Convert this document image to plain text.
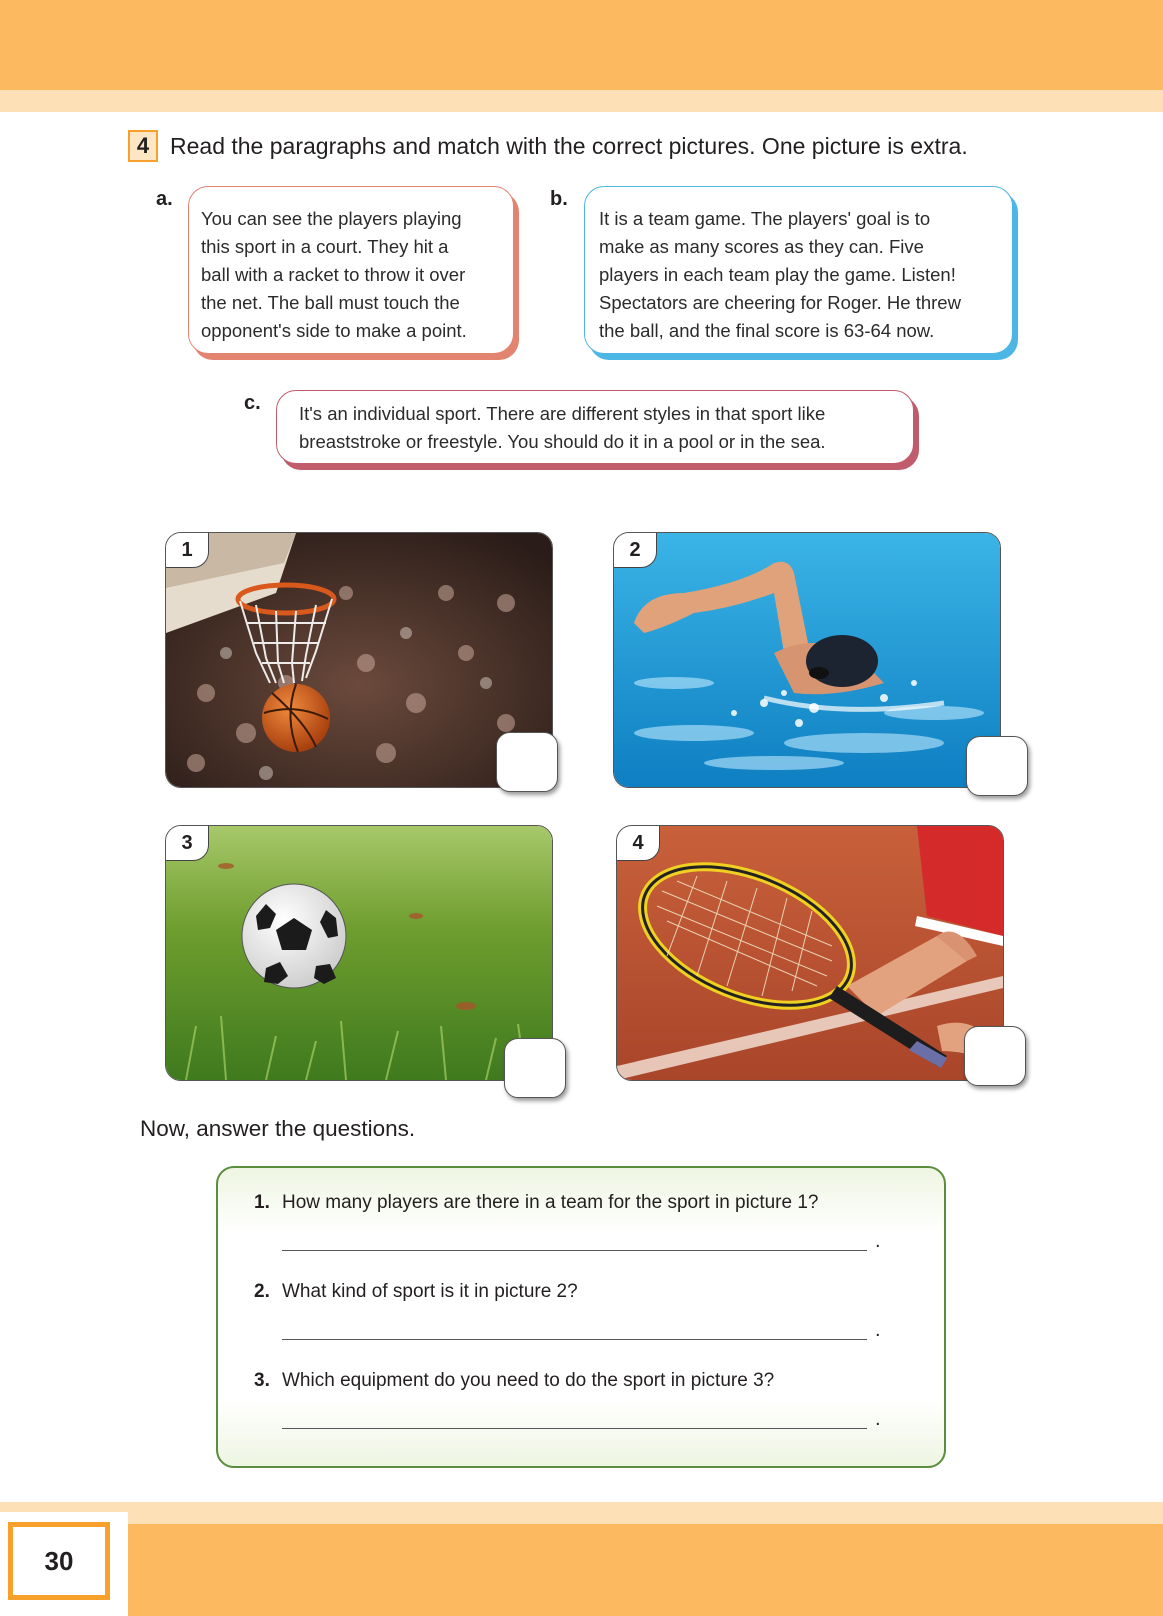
4 Read the paragraphs and match with the correct pictures. One picture is extra.
a.
You can see the players playing
this sport in a court. They hit a
ball with a racket to throw it over
the net. The ball must touch the
opponent's side to make a point.
b.
It is a team game. The players' goal is to
make as many scores as they can. Five
players in each team play the game. Listen!
Spectators are cheering for Roger. He threw
the ball, and the final score is 63-64 now.
c. It's an individual sport. There are different styles in that sport like
breaststroke or freestyle. You should do it in a pool or in the sea.
1	2
3	4
Now, answer the questions.
1. How many players are there in a team for the sport in picture 1?
.
2. What kind of sport is it in picture 2?
.
3. Which equipment do you need to do the sport in picture 3?
.
30
